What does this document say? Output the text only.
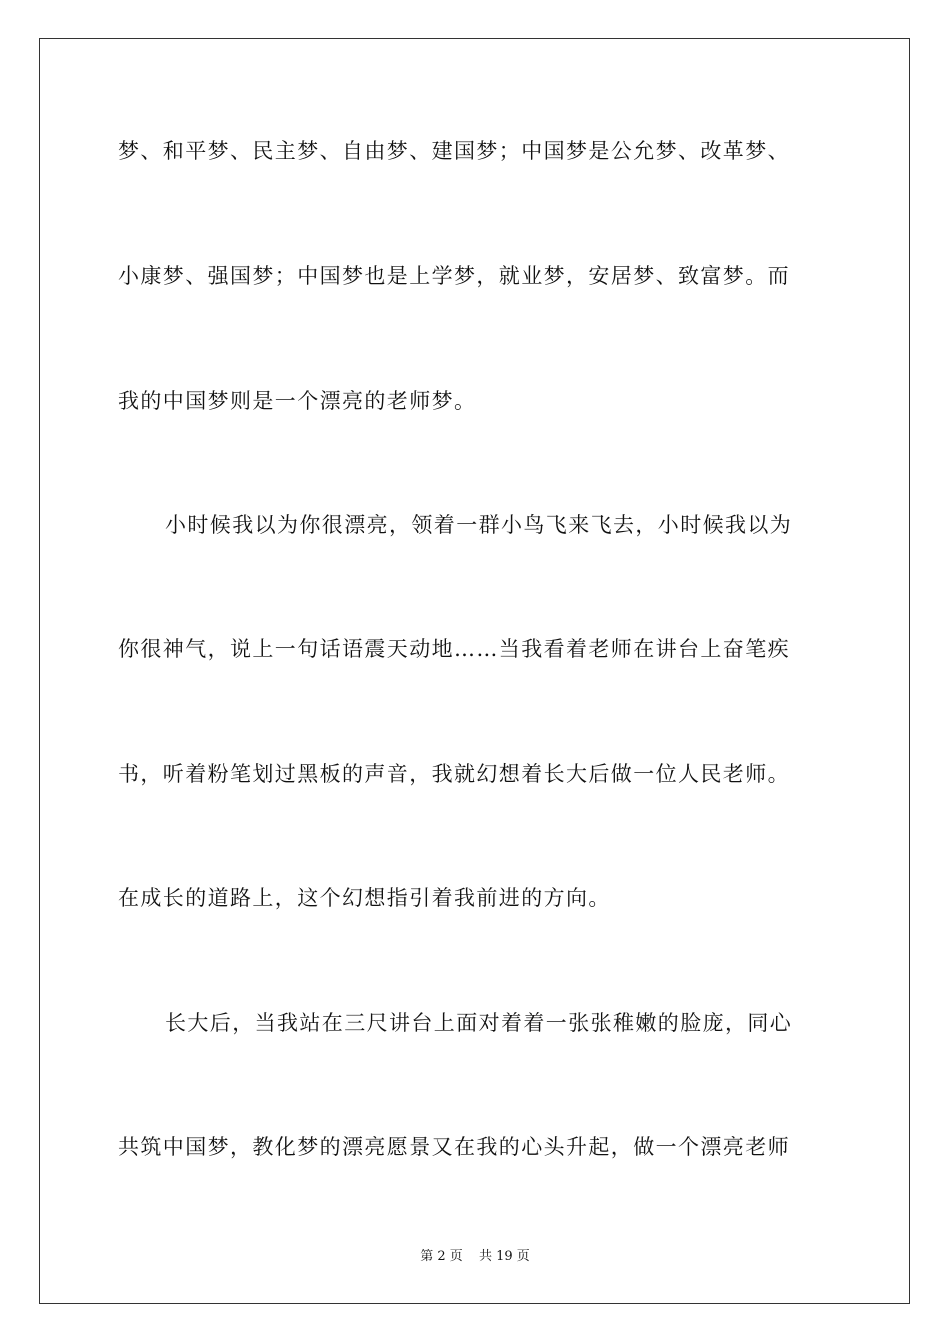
梦、和平梦、民主梦、自由梦、建国梦；中国梦是公允梦、改革梦、
小康梦、强国梦；中国梦也是上学梦，就业梦，安居梦、致富梦。而
我的中国梦则是一个漂亮的老师梦。
小时候我以为你很漂亮，领着一群小鸟飞来飞去，小时候我以为
你很神气，说上一句话语震天动地……当我看着老师在讲台上奋笔疾
书，听着粉笔划过黑板的声音，我就幻想着长大后做一位人民老师。
在成长的道路上，这个幻想指引着我前进的方向。
长大后，当我站在三尺讲台上面对着着一张张稚嫩的脸庞，同心
共筑中国梦，教化梦的漂亮愿景又在我的心头升起，做一个漂亮老师
第 2 页 共 19 页
